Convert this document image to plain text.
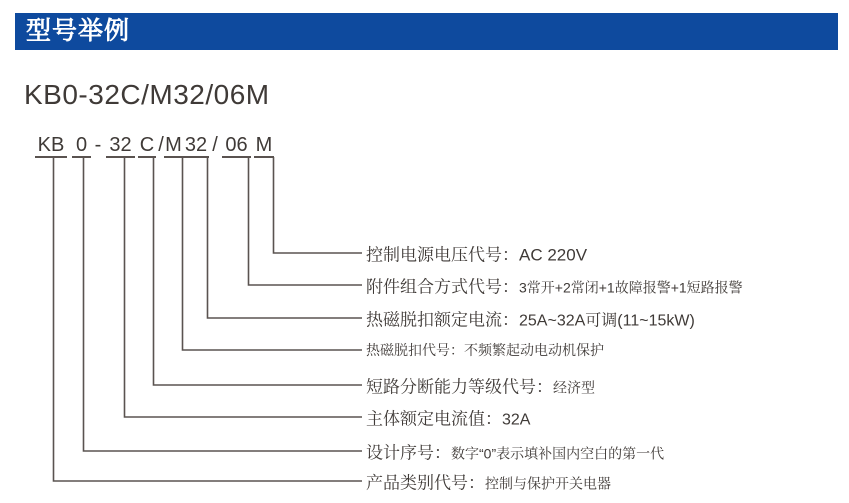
型号举例
KB0-32C/M32/06M
KB 0 - 32 C / M 32 / 06 M
控制电源电压代号：AC 220V
附件组合方式代号：3常开+2常闭+1故障报警+1短路报警
热磁脱扣额定电流：25A~32A可调(11~15kW)
热磁脱扣代号：不频繁起动电动机保护
短路分断能力等级代号：经济型
主体额定电流值：32A
设计序号：数字“0”表示填补国内空白的第一代
产品类别代号：控制与保护开关电器
